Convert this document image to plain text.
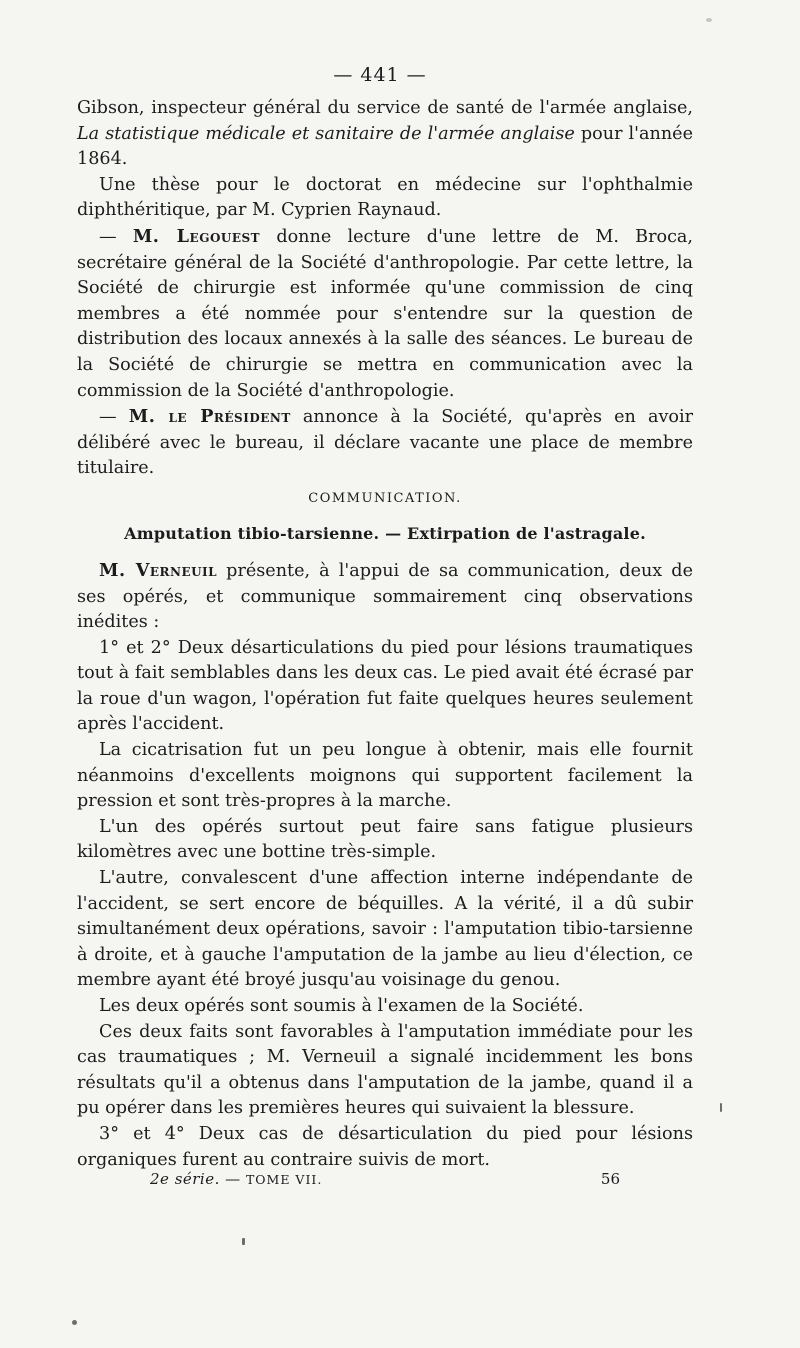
— 441 —

Gibson, inspecteur général du service de santé de l'armée anglaise, La statistique médicale et sanitaire de l'armée anglaise pour l'année 1864.

Une thèse pour le doctorat en médecine sur l'ophthalmie diphthéritique, par M. Cyprien Raynaud.

— M. Legouest donne lecture d'une lettre de M. Broca, secrétaire général de la Société d'anthropologie. Par cette lettre, la Société de chirurgie est informée qu'une commission de cinq membres a été nommée pour s'entendre sur la question de distribution des locaux annexés à la salle des séances. Le bureau de la Société de chirurgie se mettra en communication avec la commission de la Société d'anthropologie.

— M. le Président annonce à la Société, qu'après en avoir délibéré avec le bureau, il déclare vacante une place de membre titulaire.

COMMUNICATION.
Amputation tibio-tarsienne. — Extirpation de l'astragale.

M. Verneuil présente, à l'appui de sa communication, deux de ses opérés, et communique sommairement cinq observations inédites :

1° et 2° Deux désarticulations du pied pour lésions traumatiques tout à fait semblables dans les deux cas. Le pied avait été écrasé par la roue d'un wagon, l'opération fut faite quelques heures seulement après l'accident.

La cicatrisation fut un peu longue à obtenir, mais elle fournit néanmoins d'excellents moignons qui supportent facilement la pression et sont très-propres à la marche.

L'un des opérés surtout peut faire sans fatigue plusieurs kilomètres avec une bottine très-simple.

L'autre, convalescent d'une affection interne indépendante de l'accident, se sert encore de béquilles. A la vérité, il a dû subir simultanément deux opérations, savoir : l'amputation tibio-tarsienne à droite, et à gauche l'amputation de la jambe au lieu d'élection, ce membre ayant été broyé jusqu'au voisinage du genou.

Les deux opérés sont soumis à l'examen de la Société.

Ces deux faits sont favorables à l'amputation immédiate pour les cas traumatiques ; M. Verneuil a signalé incidemment les bons résultats qu'il a obtenus dans l'amputation de la jambe, quand il a pu opérer dans les premières heures qui suivaient la blessure.

3° et 4° Deux cas de désarticulation du pied pour lésions organiques furent au contraire suivis de mort.

2e série. — TOME VII.	56
